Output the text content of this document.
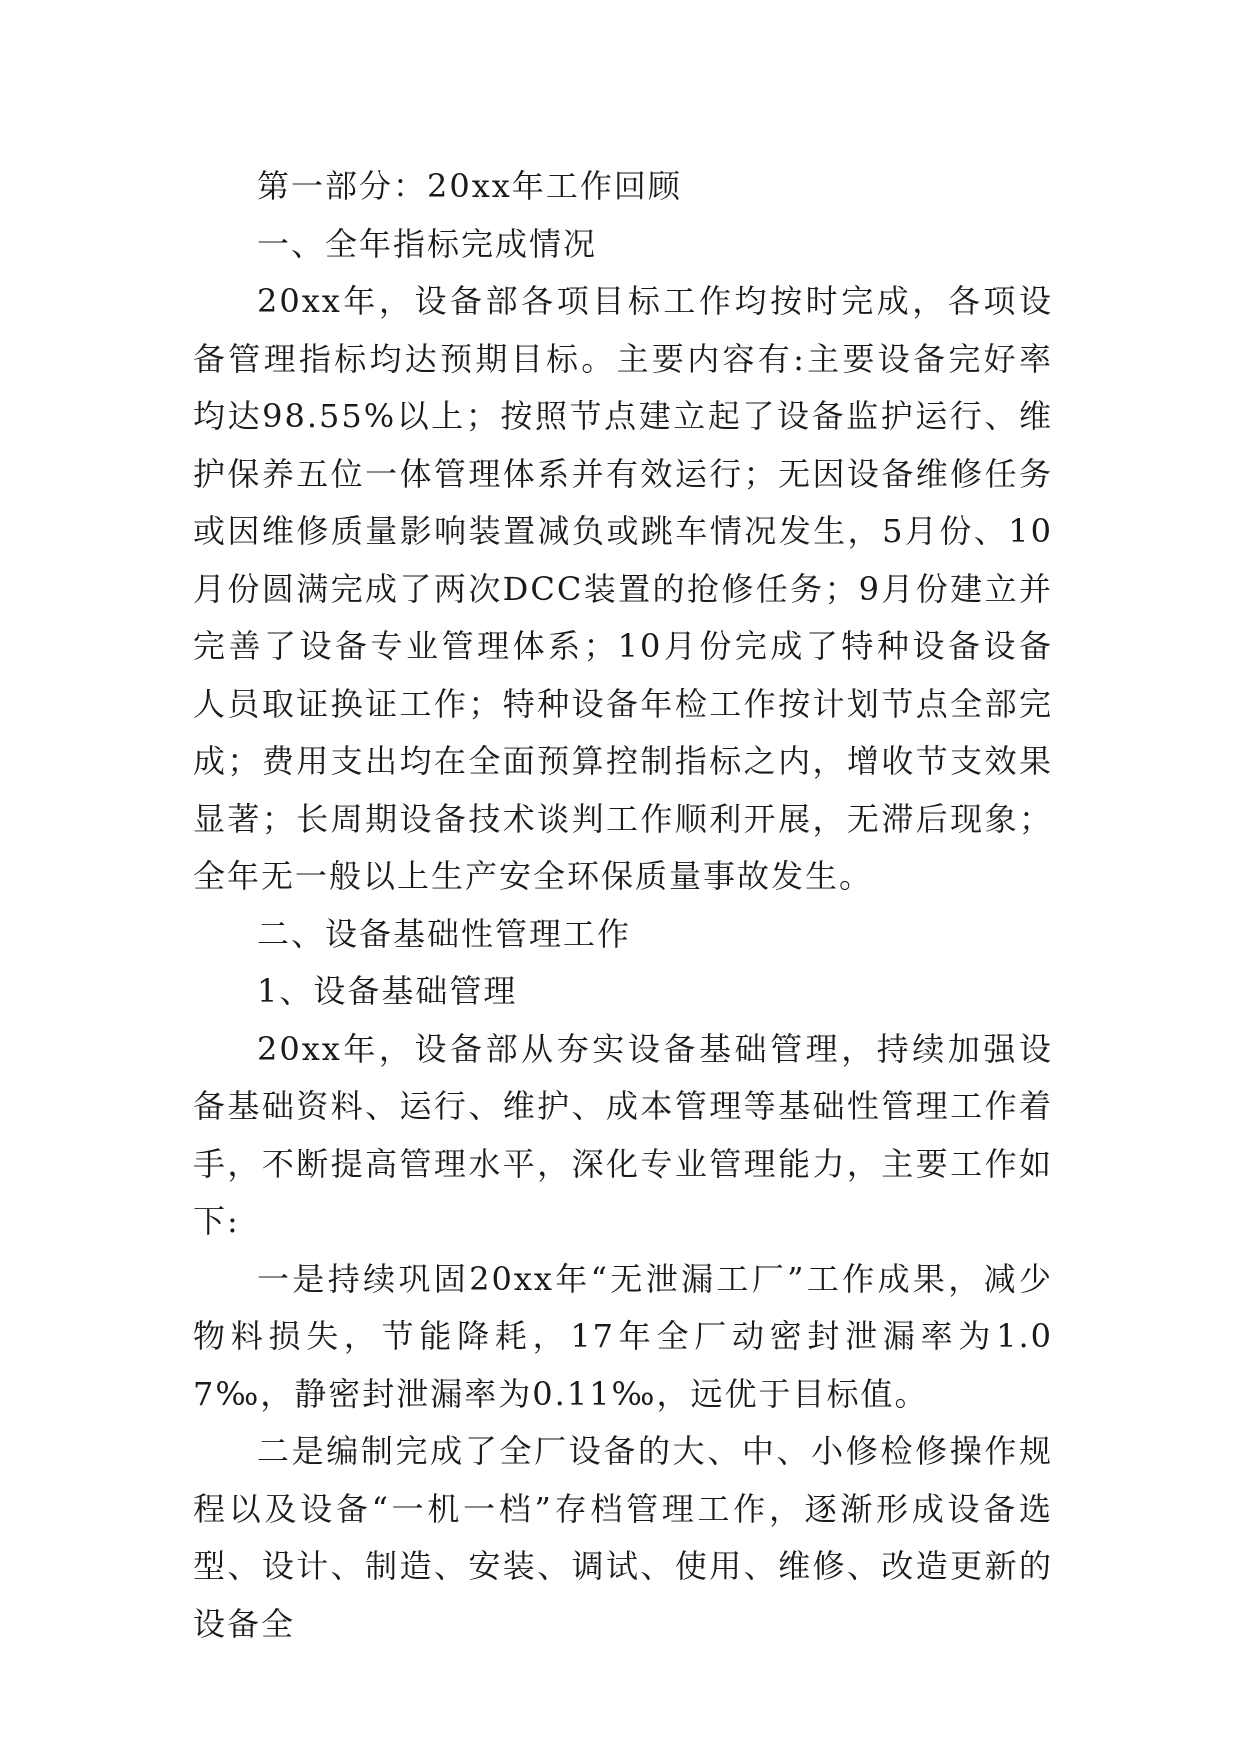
第一部分：20xx年工作回顾

一、全年指标完成情况

20xx年，设备部各项目标工作均按时完成，各项设备管理指标均达预期目标。主要内容有:主要设备完好率均达98.55%以上；按照节点建立起了设备监护运行、维护保养五位一体管理体系并有效运行；无因设备维修任务或因维修质量影响装置减负或跳车情况发生，5月份、10月份圆满完成了两次DCC装置的抢修任务；9月份建立并完善了设备专业管理体系；10月份完成了特种设备设备人员取证换证工作；特种设备年检工作按计划节点全部完成；费用支出均在全面预算控制指标之内，增收节支效果显著；长周期设备技术谈判工作顺利开展，无滞后现象；全年无一般以上生产安全环保质量事故发生。

二、设备基础性管理工作

1、设备基础管理

20xx年，设备部从夯实设备基础管理，持续加强设备基础资料、运行、维护、成本管理等基础性管理工作着手，不断提高管理水平，深化专业管理能力，主要工作如下:

一是持续巩固20xx年“无泄漏工厂”工作成果，减少物料损失，节能降耗，17年全厂动密封泄漏率为1.07‰，静密封泄漏率为0.11‰，远优于目标值。

二是编制完成了全厂设备的大、中、小修检修操作规程以及设备“一机一档”存档管理工作，逐渐形成设备选型、设计、制造、安装、调试、使用、维修、改造更新的设备全
